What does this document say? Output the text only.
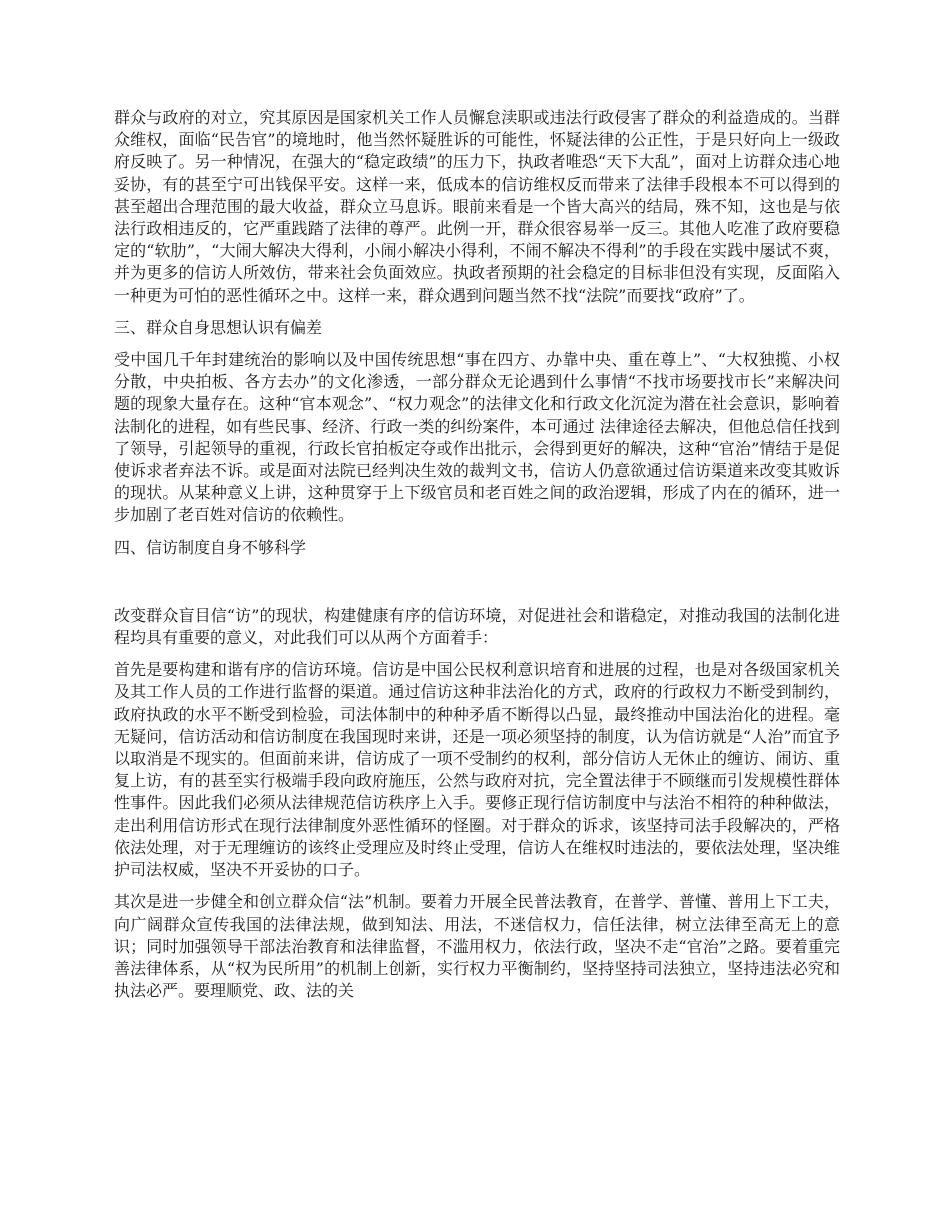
群众与政府的对立，究其原因是国家机关工作人员懈怠渎职或违法行政侵害了群众的利益造成的。当群众维权，面临“民告官”的境地时，他当然怀疑胜诉的可能性，怀疑法律的公正性，于是只好向上一级政府反映了。另一种情况，在强大的“稳定政绩”的压力下，执政者唯恐“天下大乱”，面对上访群众违心地妥协，有的甚至宁可出钱保平安。这样一来，低成本的信访维权反而带来了法律手段根本不可以得到的甚至超出合理范围的最大收益，群众立马息诉。眼前来看是一个皆大高兴的结局，殊不知，这也是与依法行政相违反的，它严重践踏了法律的尊严。此例一开，群众很容易举一反三。其他人吃准了政府要稳定的“软肋”，“大闹大解决大得利，小闹小解决小得利，不闹不解决不得利”的手段在实践中屡试不爽，并为更多的信访人所效仿，带来社会负面效应。执政者预期的社会稳定的目标非但没有实现，反面陷入一种更为可怕的恶性循环之中。这样一来，群众遇到问题当然不找“法院”而要找“政府”了。

三、群众自身思想认识有偏差

受中国几千年封建统治的影响以及中国传统思想“事在四方、办靠中央、重在尊上”、“大权独揽、小权分散，中央拍板、各方去办”的文化渗透，一部分群众无论遇到什么事情“不找市场要找市长”来解决问题的现象大量存在。这种“官本观念”、“权力观念”的法律文化和行政文化沉淀为潜在社会意识，影响着法制化的进程，如有些民事、经济、行政一类的纠纷案件，本可通过 法律途径去解决，但他总信任找到了领导，引起领导的重视，行政长官拍板定夺或作出批示，会得到更好的解决，这种“官治”情结于是促使诉求者弃法不诉。或是面对法院已经判决生效的裁判文书，信访人仍意欲通过信访渠道来改变其败诉的现状。从某种意义上讲，这种贯穿于上下级官员和老百姓之间的政治逻辑，形成了内在的循环，进一步加剧了老百姓对信访的依赖性。

四、信访制度自身不够科学

改变群众盲目信“访”的现状，构建健康有序的信访环境，对促进社会和谐稳定，对推动我国的法制化进程均具有重要的意义，对此我们可以从两个方面着手：

首先是要构建和谐有序的信访环境。信访是中国公民权利意识培育和进展的过程，也是对各级国家机关及其工作人员的工作进行监督的渠道。通过信访这种非法治化的方式，政府的行政权力不断受到制约，政府执政的水平不断受到检验，司法体制中的种种矛盾不断得以凸显，最终推动中国法治化的进程。毫无疑问，信访活动和信访制度在我国现时来讲，还是一项必须坚持的制度，认为信访就是“人治”而宜予以取消是不现实的。但面前来讲，信访成了一项不受制约的权利，部分信访人无休止的缠访、闹访、重复上访，有的甚至实行极端手段向政府施压，公然与政府对抗，完全置法律于不顾继而引发规模性群体性事件。因此我们必须从法律规范信访秩序上入手。要修正现行信访制度中与法治不相符的种种做法，走出利用信访形式在现行法律制度外恶性循环的怪圈。对于群众的诉求，该坚持司法手段解决的，严格依法处理，对于无理缠访的该终止受理应及时终止受理，信访人在维权时违法的，要依法处理，坚决维护司法权威，坚决不开妥协的口子。

其次是进一步健全和创立群众信“法”机制。要着力开展全民普法教育，在普学、普懂、普用上下工夫，向广阔群众宣传我国的法律法规，做到知法、用法，不迷信权力，信任法律，树立法律至高无上的意识；同时加强领导干部法治教育和法律监督，不滥用权力，依法行政，坚决不走“官治”之路。要着重完善法律体系，从“权为民所用”的机制上创新，实行权力平衡制约，坚持坚持司法独立，坚持违法必究和执法必严。要理顺党、政、法的关
